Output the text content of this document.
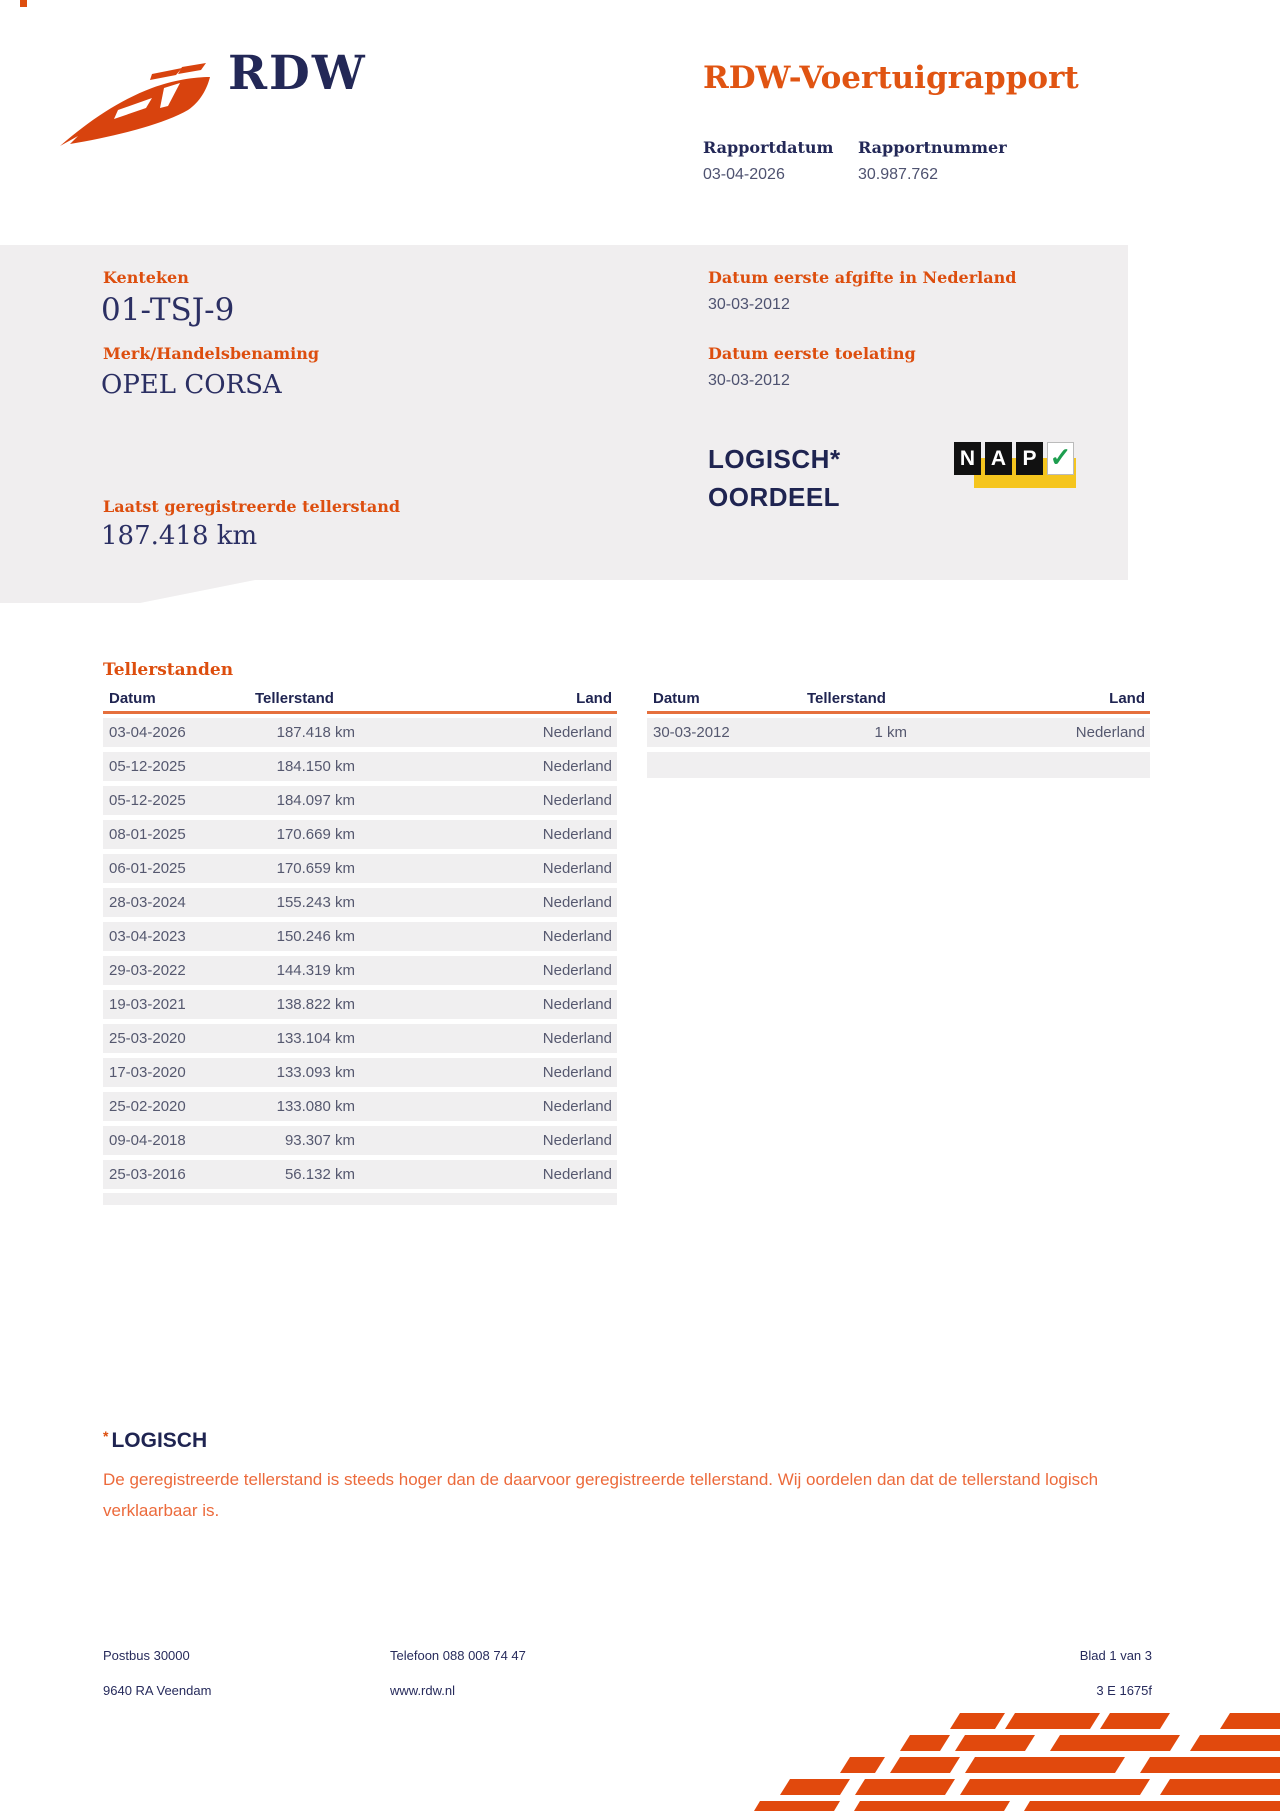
RDW	RDW-Voertuigrapport
Rapportdatum Rapportnummer
03-04-2026	30.987.762
Kenteken
01-TSJ-9
Merk/Handelsbenaming
OPEL CORSA
Laatst geregistreerde tellerstand
187.418 km
Datum eerste afgifte in Nederland
30-03-2012
Datum eerste toelating
30-03-2012
LOGISCH*
OORDEEL
N A P ✓
Tellerstanden
Datum	Tellerstand	Land	Datum	Tellerstand	Land
03-04-2026	187.418 km	Nederland
05-12-2025	184.150 km	Nederland
05-12-2025	184.097 km	Nederland
08-01-2025	170.669 km	Nederland
06-01-2025	170.659 km	Nederland
28-03-2024	155.243 km	Nederland
03-04-2023	150.246 km	Nederland
29-03-2022	144.319 km	Nederland
19-03-2021	138.822 km	Nederland
25-03-2020	133.104 km	Nederland
17-03-2020	133.093 km	Nederland
25-02-2020	133.080 km	Nederland
09-04-2018	93.307 km	Nederland
25-03-2016	56.132 km	Nederland
30-03-2012	1 km	Nederland
* LOGISCH
De geregistreerde tellerstand is steeds hoger dan de daarvoor geregistreerde tellerstand. Wij oordelen dan dat de tellerstand logisch verklaarbaar is.
Postbus 30000
9640 RA Veendam
Telefoon 088 008 74 47
www.rdw.nl
Blad 1 van 3
3 E 1675f
